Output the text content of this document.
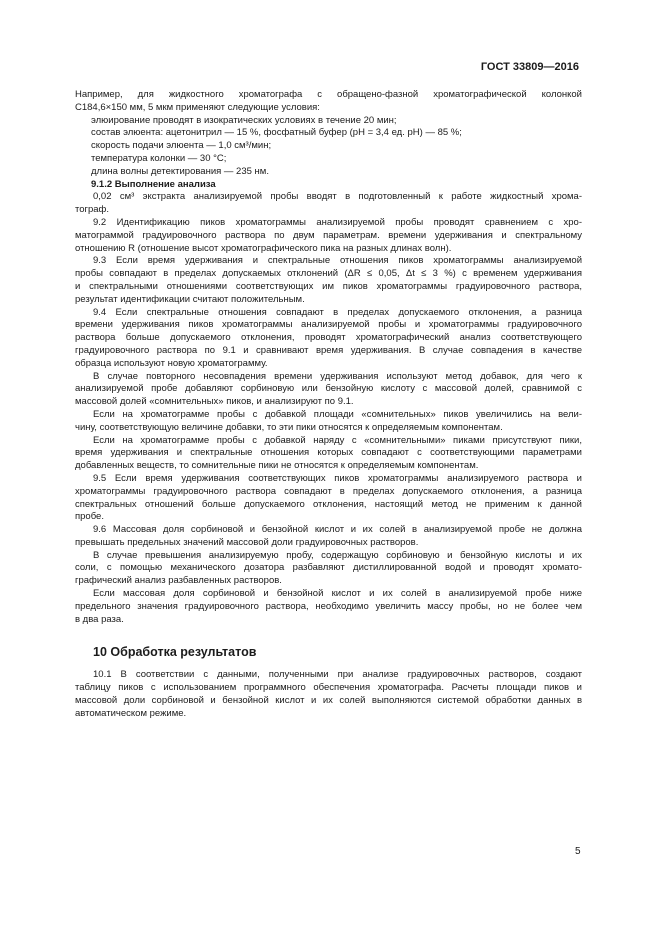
ГОСТ 33809—2016
Например, для жидкостного хроматографа с обращено-фазной хроматографической колонкой
C184,6×150 мм, 5 мкм применяют следующие условия:
элюирование проводят в изократических условиях в течение 20 мин;
состав элюента: ацетонитрил — 15 %, фосфатный буфер (pH = 3,4 ед. pH) — 85 %;
скорость подачи элюента — 1,0 см³/мин;
температура колонки — 30 °C;
длина волны детектирования — 235 нм.
9.1.2 Выполнение анализа
0,02 см³ экстракта анализируемой пробы вводят в подготовленный к работе жидкостный хрома-
тограф.
9.2 Идентификацию пиков хроматограммы анализируемой пробы проводят сравнением с хро-
матограммой градуировочного раствора по двум параметрам. времени удерживания и спектральному
отношению R (отношение высот хроматографического пика на разных длинах волн).
9.3 Если время удерживания и спектральные отношения пиков хроматограммы анализируемой
пробы совпадают в пределах допускаемых отклонений (ΔR ≤ 0,05, Δt ≤ 3 %) с временем удерживания
и спектральными отношениями соответствующих им пиков хроматограммы градуировочного раствора,
результат идентификации считают положительным.
9.4 Если спектральные отношения совпадают в пределах допускаемого отклонения, а разница
времени удерживания пиков хроматограммы анализируемой пробы и хроматограммы градуировочного
раствора больше допускаемого отклонения, проводят хроматографический анализ соответствующего
градуировочного раствора по 9.1 и сравнивают время удерживания. В случае совпадения в качестве
образца используют новую хроматограмму.
В случае повторного несовпадения времени удерживания используют метод добавок, для чего к
анализируемой пробе добавляют сорбиновую или бензойную кислоту с массовой долей, сравнимой с
массовой долей «сомнительных» пиков, и анализируют по 9.1.
Если на хроматограмме пробы с добавкой площади «сомнительных» пиков увеличились на вели-
чину, соответствующую величине добавки, то эти пики относятся к определяемым компонентам.
Если на хроматограмме пробы с добавкой наряду с «сомнительными» пиками присутствуют пики,
время удерживания и спектральные отношения которых совпадают с соответствующими параметрами
добавленных веществ, то сомнительные пики не относятся к определяемым компонентам.
9.5 Если время удерживания соответствующих пиков хроматограммы анализируемого раствора и
хроматограммы градуировочного раствора совпадают в пределах допускаемого отклонения, а разница
спектральных отношений больше допускаемого отклонения, настоящий метод не применим к данной
пробе.
9.6 Массовая доля сорбиновой и бензойной кислот и их солей в анализируемой пробе не должна
превышать предельных значений массовой доли градуировочных растворов.
В случае превышения анализируемую пробу, содержащую сорбиновую и бензойную кислоты и их
соли, с помощью механического дозатора разбавляют дистиллированной водой и проводят хромато-
графический анализ разбавленных растворов.
Если массовая доля сорбиновой и бензойной кислот и их солей в анализируемой пробе ниже
предельного значения градуировочного раствора, необходимо увеличить массу пробы, но не более чем
в два раза.
10 Обработка результатов
10.1 В соответствии с данными, полученными при анализе градуировочных растворов, создают
таблицу пиков с использованием программного обеспечения хроматографа. Расчеты площади пиков и
массовой доли сорбиновой и бензойной кислот и их солей выполняются системой обработки данных в
автоматическом режиме.
5
